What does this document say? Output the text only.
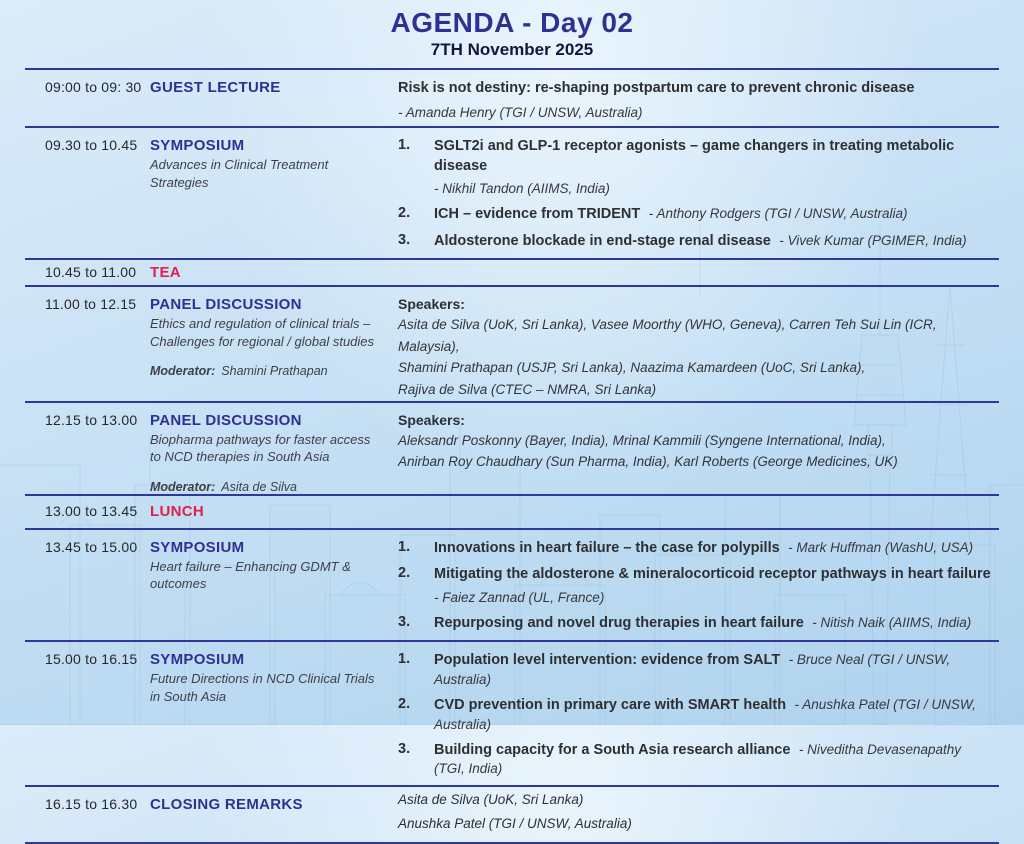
AGENDA - Day 02
7TH November 2025
09:00 to 09: 30 GUEST LECTURE	Risk is not destiny: re-shaping postpartum care to prevent chronic disease
- Amanda Henry (TGI / UNSW, Australia)
09.30 to 10.45 SYMPOSIUM
Advances in Clinical Treatment Strategies
1.	SGLT2i and GLP-1 receptor agonists – game changers in treating metabolic disease
- Nikhil Tandon (AIIMS, India)
2.	ICH – evidence from TRIDENT - Anthony Rodgers (TGI / UNSW, Australia)
3.	Aldosterone blockade in end-stage renal disease - Vivek Kumar (PGIMER, India)
10.45 to 11.00 TEA
11.00 to 12.15 PANEL DISCUSSION
Ethics and regulation of clinical trials – Challenges for regional / global studies
Moderator: Shamini Prathapan
Speakers:
Asita de Silva (UoK, Sri Lanka), Vasee Moorthy (WHO, Geneva), Carren Teh Sui Lin (ICR, Malaysia),
Shamini Prathapan (USJP, Sri Lanka), Naazima Kamardeen (UoC, Sri Lanka),
Rajiva de Silva (CTEC – NMRA, Sri Lanka)
12.15 to 13.00 PANEL DISCUSSION
Biopharma pathways for faster access to NCD therapies in South Asia
Moderator: Asita de Silva
Speakers:
Aleksandr Poskonny (Bayer, India), Mrinal Kammili (Syngene International, India),
Anirban Roy Chaudhary (Sun Pharma, India), Karl Roberts (George Medicines, UK)
13.00 to 13.45 LUNCH
13.45 to 15.00 SYMPOSIUM
Heart failure – Enhancing GDMT & outcomes
1.	Innovations in heart failure – the case for polypills - Mark Huffman (WashU, USA)
2.	Mitigating the aldosterone & mineralocorticoid receptor pathways in heart failure
- Faiez Zannad (UL, France)
3.	Repurposing and novel drug therapies in heart failure - Nitish Naik (AIIMS, India)
15.00 to 16.15 SYMPOSIUM
Future Directions in NCD Clinical Trials in South Asia
1.	Population level intervention: evidence from SALT - Bruce Neal (TGI / UNSW, Australia)
2.	CVD prevention in primary care with SMART health - Anushka Patel (TGI / UNSW, Australia)
3.	Building capacity for a South Asia research alliance - Niveditha Devasenapathy (TGI, India)
16.15 to 16.30 CLOSING REMARKS	Asita de Silva (UoK, Sri Lanka)
Anushka Patel (TGI / UNSW, Australia)
